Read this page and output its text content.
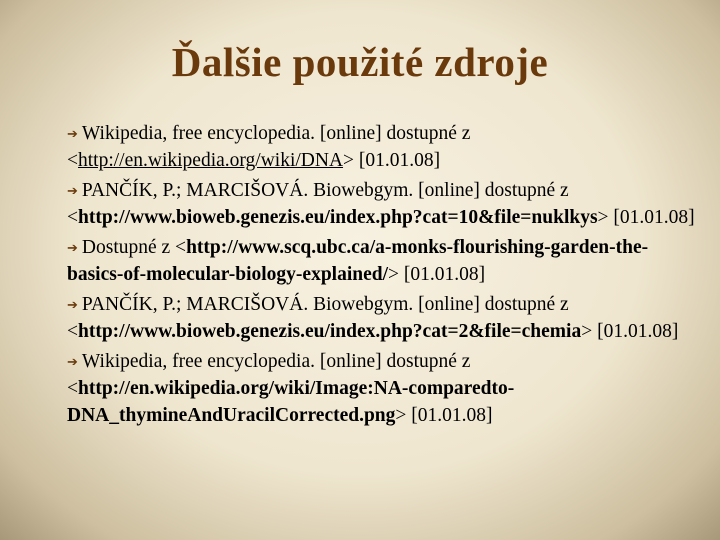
Ďalšie použité zdroje
➔ Wikipedia, free encyclopedia. [online] dostupné z <http://en.wikipedia.org/wiki/DNA> [01.01.08]
➔ PANČÍK, P.; MARCIŠOVÁ. Biowebgym. [online] dostupné z <http://www.bioweb.genezis.eu/index.php?cat=10&file=nuklkys> [01.01.08]
➔ Dostupné z <http://www.scq.ubc.ca/a-monks-flourishing-garden-the-basics-of-molecular-biology-explained/> [01.01.08]
➔ PANČÍK, P.; MARCIŠOVÁ. Biowebgym. [online] dostupné z <http://www.bioweb.genezis.eu/index.php?cat=2&file=chemia> [01.01.08]
➔ Wikipedia, free encyclopedia. [online] dostupné z <http://en.wikipedia.org/wiki/Image:NA-comparedto-DNA_thymineAndUracilCorrected.png> [01.01.08]
